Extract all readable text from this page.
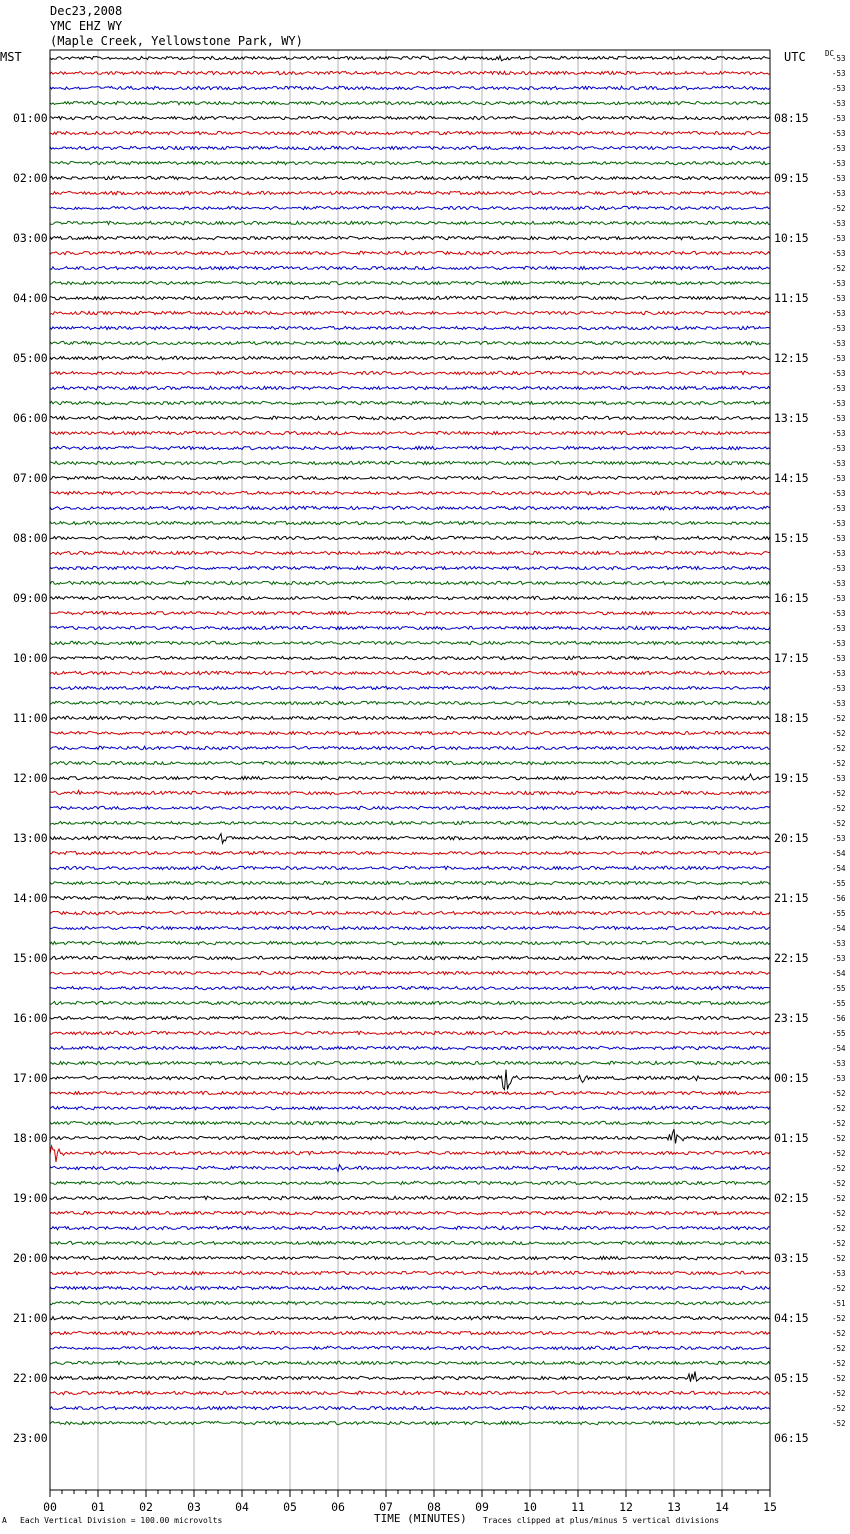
Dec23,2008
YMC EHZ WY
(Maple Creek, Yellowstone Park, WY)
MST	UTC	DC
01:00
02:00
03:00
04:00
05:00
06:00
07:00
08:00
09:00
10:00
11:00
12:00
13:00
14:00
15:00
16:00
17:00
18:00
19:00
20:00
21:00
22:00
23:00
08:15
09:15
10:15
11:15
12:15
13:15
14:15
15:15
16:15
17:15
18:15
19:15
20:15
21:15
22:15
23:15
00:15
01:15
02:15
03:15
04:15
05:15
06:15
-53
-53
-53
-53
-53
-53
-53
-53
-53
-53
-52
-53
-53
-53
-52
-53
-53
-53
-53
-53
-53
-53
-53
-53
-53
-53
-53
-53
-53
-53
-53
-53
-53
-53
-53
-53
-53
-53
-53
-53
-53
-53
-53
-53
-52
-52
-52
-52
-53
-52
-52
-52
-53
-54
-54
-55
-56
-55
-54
-53
-53
-54
-55
-55
-56
-55
-54
-53
-53
-52
-52
-52
-52
-52
-52
-52
-52
-52
-52
-52
-52
-53
-52
-51
-52
-52
-52
-52
-52
-52
-52
-52
00	01	02	03	04	05	06	07	08	09	10	11	12	13	14	15
A Each Vertical Division = 100.00 microvolts	TIME (MINUTES) Traces clipped at plus/minus 5 vertical divisions
